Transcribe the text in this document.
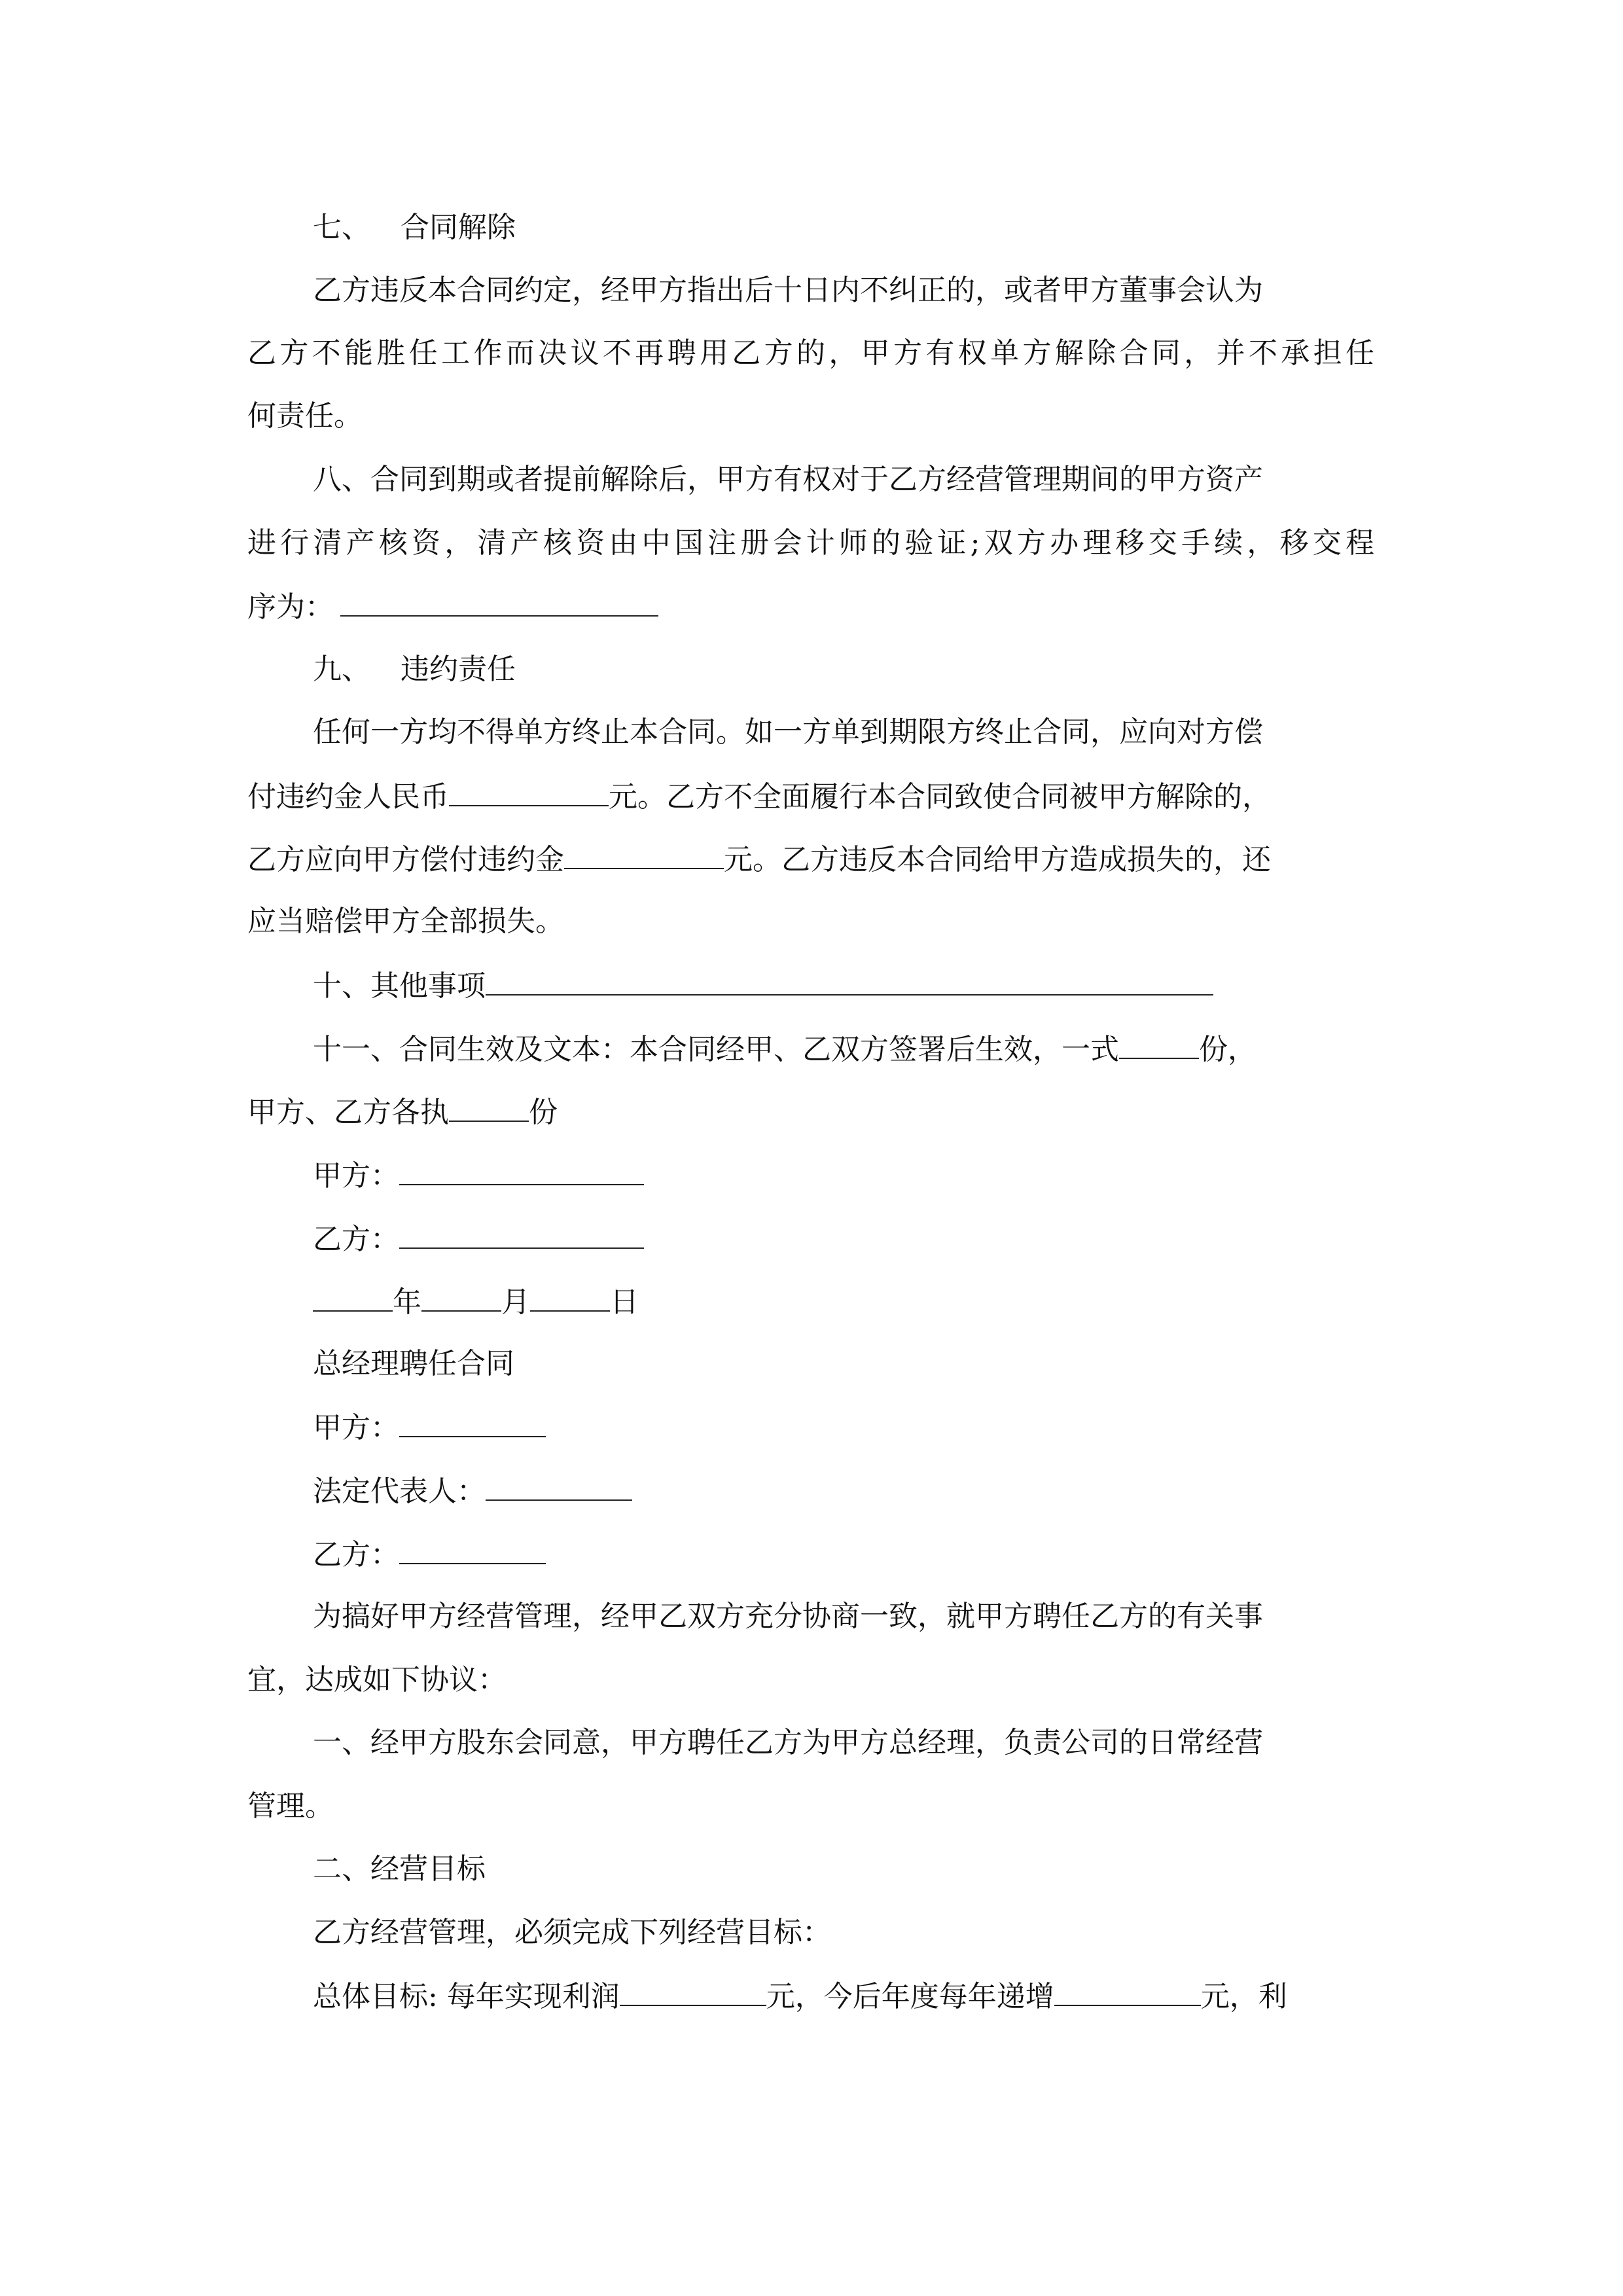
七、 合同解除
乙方违反本合同约定，经甲方指出后十日内不纠正的，或者甲方董事会认为
乙方不能胜任工作而决议不再聘用乙方的，甲方有权单方解除合同，并不承担任
何责任。
八、合同到期或者提前解除后，甲方有权对于乙方经营管理期间的甲方资产
进行清产核资，清产核资由中国注册会计师的验证;双方办理移交手续，移交程
序为：
九、 违约责任
任何一方均不得单方终止本合同。如一方单到期限方终止合同，应向对方偿
付违约金人民币	元。乙方不全面履行本合同致使合同被甲方解除的，
乙方应向甲方偿付违约金	元。乙方违反本合同给甲方造成损失的，还
应当赔偿甲方全部损失。
十、其他事项
十一、合同生效及文本：本合同经甲、乙双方签署后生效，一式	份，
甲方、乙方各执	份
甲方：
乙方：
年	月	日
总经理聘任合同
甲方：
法定代表人：
乙方：
为搞好甲方经营管理，经甲乙双方充分协商一致，就甲方聘任乙方的有关事
宜，达成如下协议：
一、经甲方股东会同意，甲方聘任乙方为甲方总经理，负责公司的日常经营
管理。
二、经营目标
乙方经营管理，必须完成下列经营目标：
总体目标: 每年实现利润	元，今后年度每年递增	元，利
